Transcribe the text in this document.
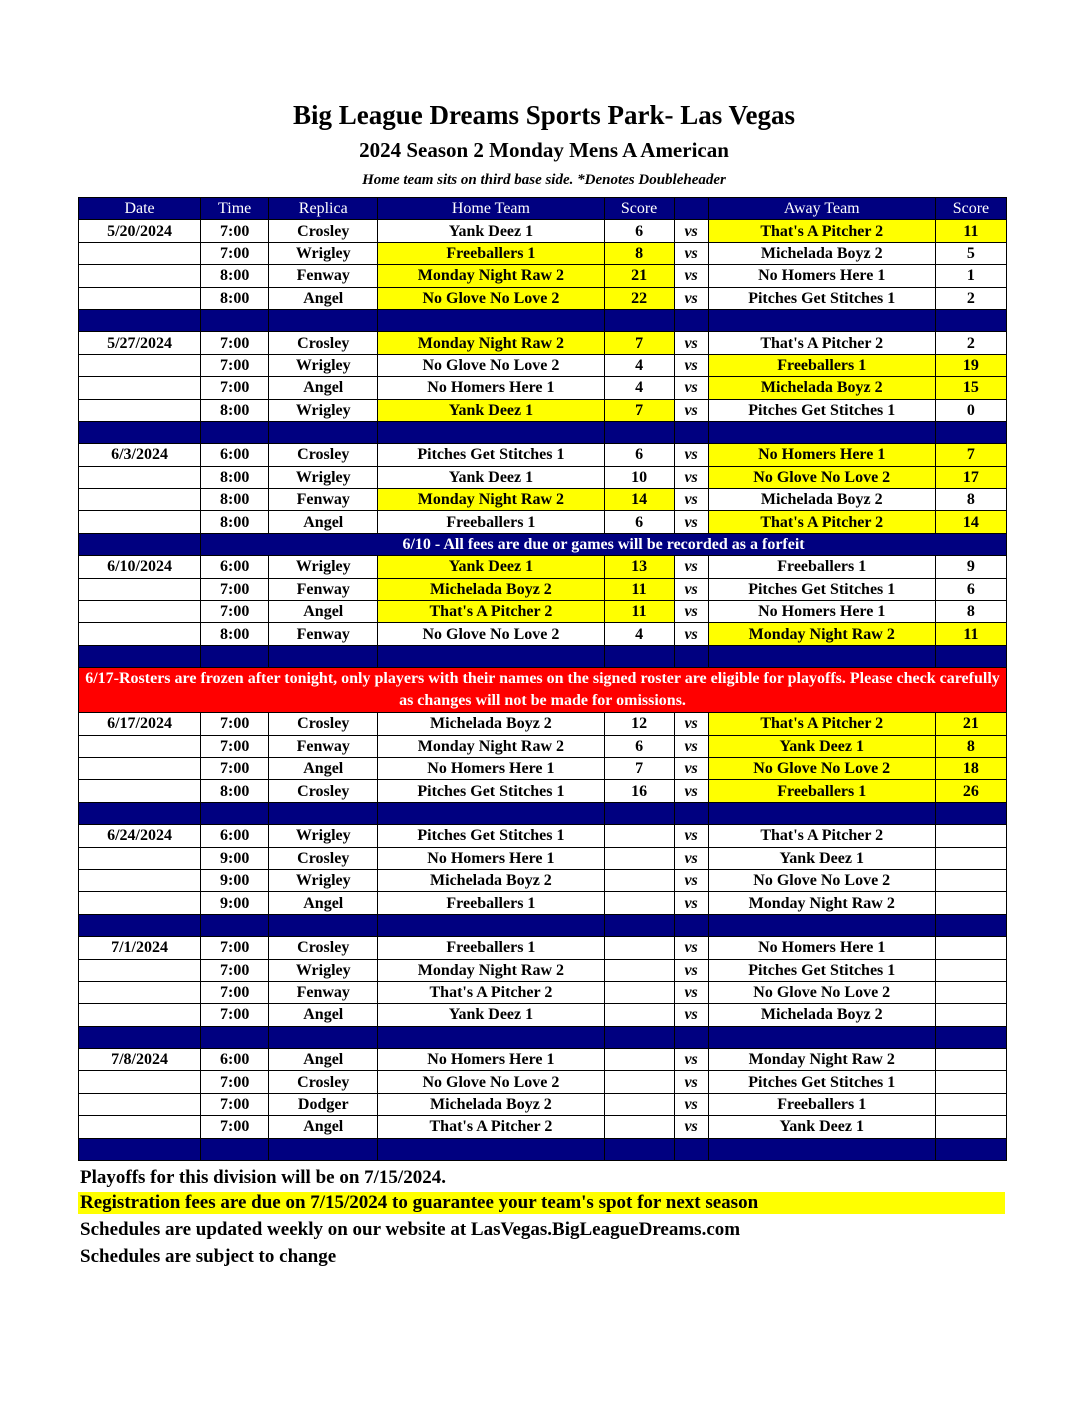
Big League Dreams Sports Park- Las Vegas
2024 Season 2 Monday Mens A American
Home team sits on third base side. *Denotes Doubleheader
Date	Time	Replica	Home Team	Score		Away Team	Score
5/20/2024	7:00	Crosley	Yank Deez 1	6	vs	That's A Pitcher 2	11
	7:00	Wrigley	Freeballers 1	8	vs	Michelada Boyz 2	5
	8:00	Fenway	Monday Night Raw 2	21	vs	No Homers Here 1	1
	8:00	Angel	No Glove No Love 2	22	vs	Pitches Get Stitches 1	2

5/27/2024	7:00	Crosley	Monday Night Raw 2	7	vs	That's A Pitcher 2	2
	7:00	Wrigley	No Glove No Love 2	4	vs	Freeballers 1	19
	7:00	Angel	No Homers Here 1	4	vs	Michelada Boyz 2	15
	8:00	Wrigley	Yank Deez 1	7	vs	Pitches Get Stitches 1	0

6/3/2024	6:00	Crosley	Pitches Get Stitches 1	6	vs	No Homers Here 1	7
	8:00	Wrigley	Yank Deez 1	10	vs	No Glove No Love 2	17
	8:00	Fenway	Monday Night Raw 2	14	vs	Michelada Boyz 2	8
	8:00	Angel	Freeballers 1	6	vs	That's A Pitcher 2	14
	6/10 - All fees are due or games will be recorded as a forfeit						
6/10/2024	6:00	Wrigley	Yank Deez 1	13	vs	Freeballers 1	9
	7:00	Fenway	Michelada Boyz 2	11	vs	Pitches Get Stitches 1	6
	7:00	Angel	That's A Pitcher 2	11	vs	No Homers Here 1	8
	8:00	Fenway	No Glove No Love 2	4	vs	Monday Night Raw 2	11

6/17-Rosters are frozen after tonight, only players with their names on the signed roster are eligible for playoffs. Please check carefully as changes will not be made for omissions.							
6/17/2024	7:00	Crosley	Michelada Boyz 2	12	vs	That's A Pitcher 2	21
	7:00	Fenway	Monday Night Raw 2	6	vs	Yank Deez 1	8
	7:00	Angel	No Homers Here 1	7	vs	No Glove No Love 2	18
	8:00	Crosley	Pitches Get Stitches 1	16	vs	Freeballers 1	26

6/24/2024	6:00	Wrigley	Pitches Get Stitches 1		vs	That's A Pitcher 2	
	9:00	Crosley	No Homers Here 1		vs	Yank Deez 1	
	9:00	Wrigley	Michelada Boyz 2		vs	No Glove No Love 2	
	9:00	Angel	Freeballers 1		vs	Monday Night Raw 2	

7/1/2024	7:00	Crosley	Freeballers 1		vs	No Homers Here 1	
	7:00	Wrigley	Monday Night Raw 2		vs	Pitches Get Stitches 1	
	7:00	Fenway	That's A Pitcher 2		vs	No Glove No Love 2	
	7:00	Angel	Yank Deez 1		vs	Michelada Boyz 2	

7/8/2024	6:00	Angel	No Homers Here 1		vs	Monday Night Raw 2	
	7:00	Crosley	No Glove No Love 2		vs	Pitches Get Stitches 1	
	7:00	Dodger	Michelada Boyz 2		vs	Freeballers 1	
	7:00	Angel	That's A Pitcher 2		vs	Yank Deez 1	

Playoffs for this division will be on 7/15/2024.
Registration fees are due on 7/15/2024 to guarantee your team's spot for next season
Schedules are updated weekly on our website at LasVegas.BigLeagueDreams.com
Schedules are subject to change
